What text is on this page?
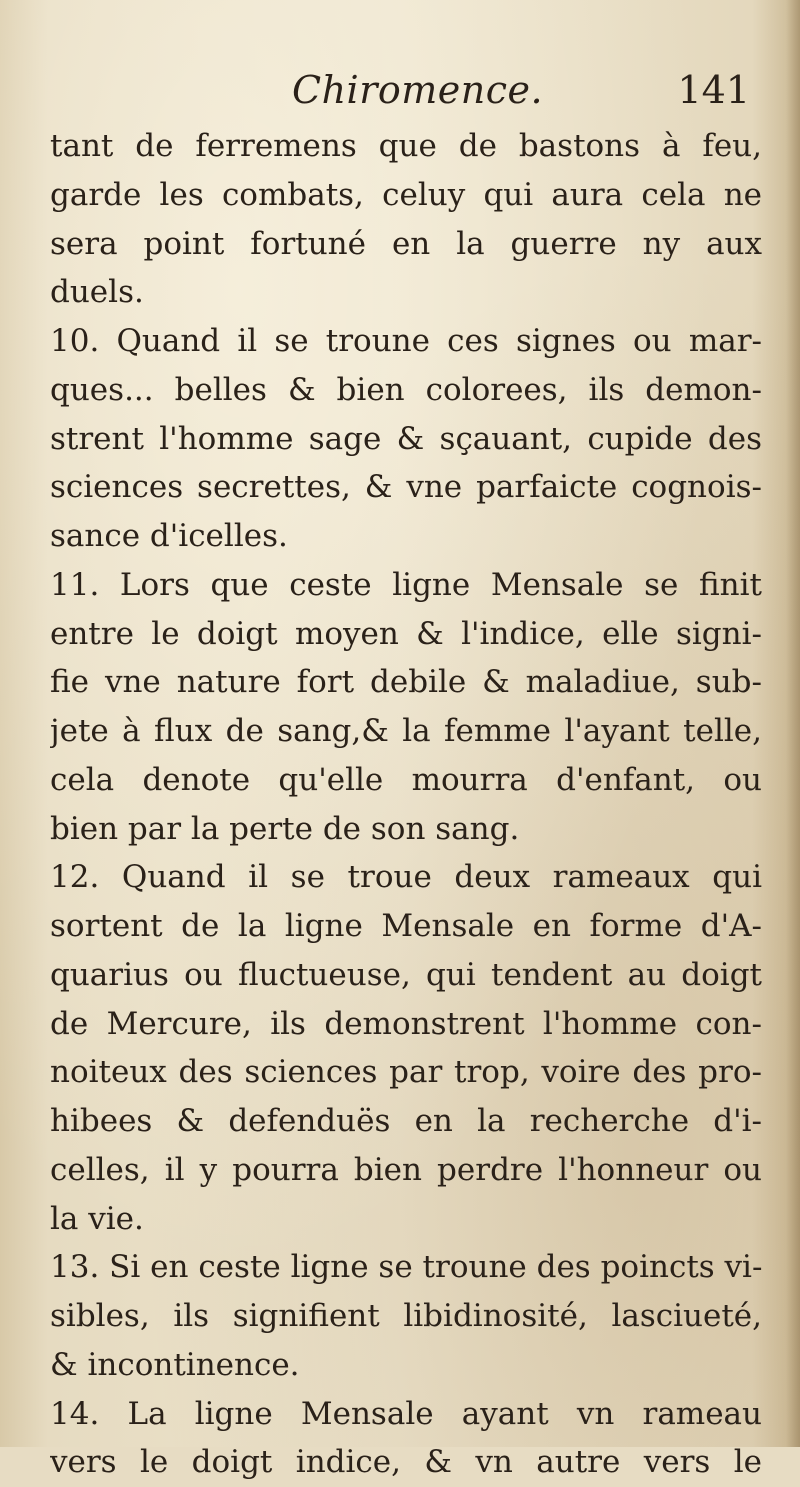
Chiromence.	141
tant de ferremens que de bastons à feu,
garde les combats, celuy qui aura cela ne
sera point fortuné en la guerre ny aux
duels.
10. Quand il se troune ces signes ou mar-
ques... belles & bien colorees, ils demon-
strent l'homme sage & sçauant, cupide des
sciences secrettes, & vne parfaicte cognois-
sance d'icelles.
11. Lors que ceste ligne Mensale se finit
entre le doigt moyen & l'indice, elle signi-
fie vne nature fort debile & maladiue, sub-
jete à flux de sang,& la femme l'ayant telle,
cela denote qu'elle mourra d'enfant, ou
bien par la perte de son sang.
12. Quand il se troue deux rameaux qui
sortent de la ligne Mensale en forme d'A-
quarius ou fluctueuse, qui tendent au doigt
de Mercure, ils demonstrent l'homme con-
noiteux des sciences par trop, voire des pro-
hibees & defenduës en la recherche d'i-
celles, il y pourra bien perdre l'honneur ou
la vie.
13. Si en ceste ligne se troune des poincts vi-
sibles, ils signifient libidinosité, lasciueté,
& incontinence.
14. La ligne Mensale ayant vn rameau
vers le doigt indice, & vn autre vers le
